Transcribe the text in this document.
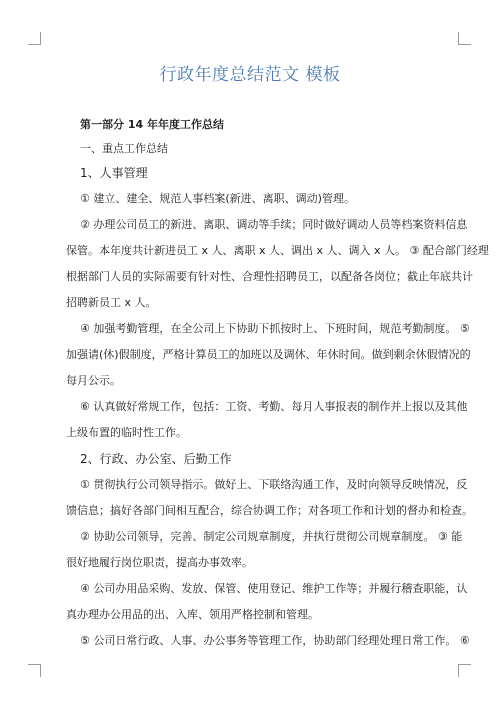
行政年度总结范文 模板
第一部分 14 年年度工作总结
一、重点工作总结
1、人事管理
① 建立、建全、规范人事档案(新进、离职、调动)管理。
② 办理公司员工的新进、离职、调动等手续；同时做好调动人员等档案资料信息
保管。本年度共计新进员工 x 人、离职 x 人、调出 x 人、调入 x 人。 ③ 配合部门经理
根据部门人员的实际需要有针对性、合理性招聘员工，以配备各岗位；截止年底共计
招聘新员工 x 人。
④ 加强考勤管理，在全公司上下协助下抓按时上、下班时间，规范考勤制度。 ⑤
加强请(休)假制度，严格计算员工的加班以及调休、年休时间。做到剩余休假情况的
每月公示。
⑥ 认真做好常规工作，包括：工资、考勤、每月人事报表的制作并上报以及其他
上级布置的临时性工作。
2、行政、办公室、后勤工作
① 贯彻执行公司领导指示。做好上、下联络沟通工作，及时向领导反映情况，反
馈信息；搞好各部门间相互配合，综合协调工作；对各项工作和计划的督办和检查。
② 协助公司领导，完善、制定公司规章制度，并执行贯彻公司规章制度。 ③ 能
很好地履行岗位职责，提高办事效率。
④ 公司办用品采购、发放、保管、使用登记、维护工作等；并履行稽查职能，认
真办理办公用品的出、入库、领用严格控制和管理。
⑤ 公司日常行政、人事、办公事务等管理工作，协助部门经理处理日常工作。 ⑥
